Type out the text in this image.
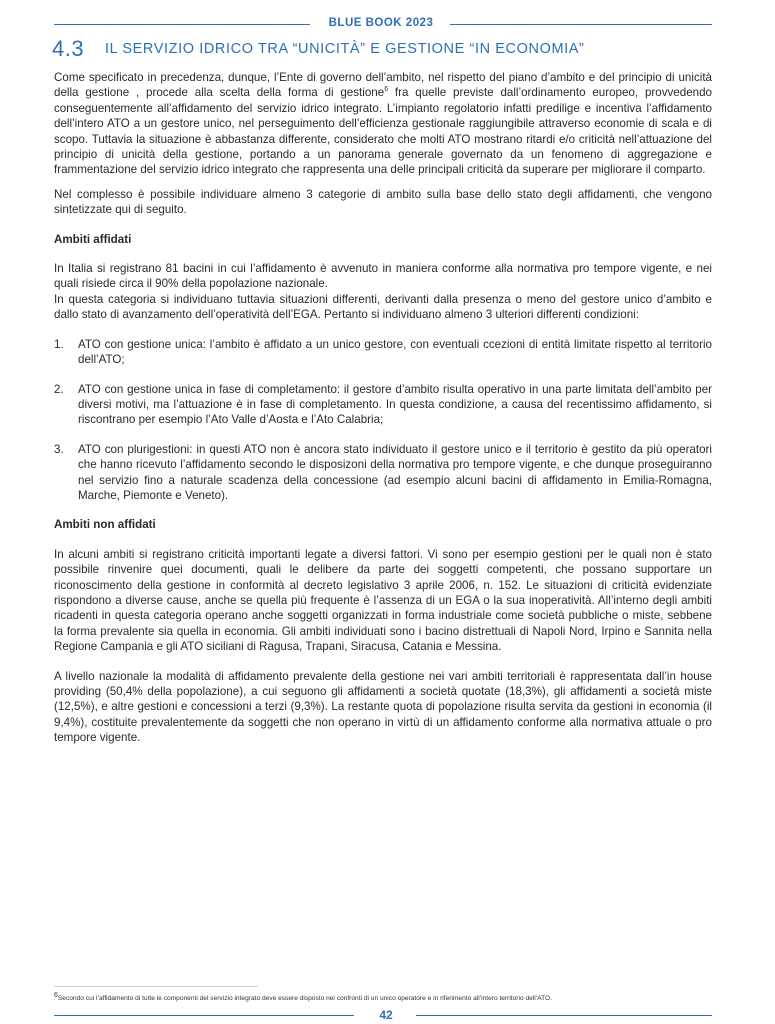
BLUE BOOK 2023
4.3 IL SERVIZIO IDRICO TRA “UNICITÀ” E GESTIONE “IN ECONOMIA”

Come specificato in precedenza, dunque, l’Ente di governo dell’ambito, nel rispetto del piano d’ambito e del principio di unicità della gestione , procede alla scelta della forma di gestione$^6$ fra quelle previste dall’ordinamento europeo, provvedendo conseguentemente all’affidamento del servizio idrico integrato. L’impianto regolatorio infatti predilige e incentiva l’affidamento dell’intero ATO a un gestore unico, nel perseguimento dell’efficienza gestionale raggiungibile attraverso economie di scala e di scopo. Tuttavia la situazione è abbastanza differente, considerato che molti ATO mostrano ritardi e/o criticità nell’attuazione del principio di unicità della gestione, portando a un panorama generale governato da un fenomeno di aggregazione e frammentazione del servizio idrico integrato che rappresenta una delle principali criticità da superare per migliorare il comparto.

Nel complesso è possibile individuare almeno 3 categorie di ambito sulla base dello stato degli affidamenti, che vengono sintetizzate qui di seguito.

Ambiti affidati

In Italia si registrano 81 bacini in cui l’affidamento è avvenuto in maniera conforme alla normativa pro tempore vigente, e nei quali risiede circa il 90% della popolazione nazionale.

In questa categoria si individuano tuttavia situazioni differenti, derivanti dalla presenza o meno del gestore unico d’ambito e dallo stato di avanzamento dell’operatività dell’EGA. Pertanto si individuano almeno 3 ulteriori differenti condizioni:

1.	ATO con gestione unica: l’ambito è affidato a un unico gestore, con eventuali ccezioni di entità limitate rispetto al territorio dell’ATO;
2.	ATO con gestione unica in fase di completamento: il gestore d’ambito risulta operativo in una parte limitata dell’ambito per diversi motivi, ma l’attuazione è in fase di completamento. In questa condizione, a causa del recentissimo affidamento, si riscontrano per esempio l’Ato Valle d’Aosta e l’Ato Calabria;
3.	ATO con plurigestioni: in questi ATO non è ancora stato individuato il gestore unico e il territorio è gestito da più operatori che hanno ricevuto l’affidamento secondo le disposizoni della normativa pro tempore vigente, e che dunque proseguiranno nel servizio fino a naturale scadenza della concessione (ad esempio alcuni bacini di affidamento in Emilia-Romagna, Marche, Piemonte e Veneto).

Ambiti non affidati

In alcuni ambiti si registrano criticità importanti legate a diversi fattori. Vi sono per esempio gestioni per le quali non è stato possibile rinvenire quei documenti, quali le delibere da parte dei soggetti competenti, che possano supportare un riconoscimento della gestione in conformità al decreto legislativo 3 aprile 2006, n. 152. Le situazioni di criticità evidenziate rispondono a diverse cause, anche se quella più frequente è l’assenza di un EGA o la sua inoperatività. All’interno degli ambiti ricadenti in questa categoria operano anche soggetti organizzati in forma industriale come società pubbliche o miste, sebbene la forma prevalente sia quella in economia. Gli ambiti individuati sono i bacino distrettuali di Napoli Nord, Irpino e Sannita nella Regione Campania e gli ATO siciliani di Ragusa, Trapani, Siracusa, Catania e Messina.

A livello nazionale la modalità di affidamento prevalente della gestione nei vari ambiti territoriali è rappresentata dall’in house providing (50,4% della popolazione), a cui seguono gli affidamenti a società quotate (18,3%), gli affidamenti a società miste (12,5%), e altre gestioni e concessioni a terzi (9,3%). La restante quota di popolazione risulta servita da gestioni in economia (il 9,4%), costituite prevalentemente da soggetti che non operano in virtù di un affidamento conforme alla normativa attuale o pro tempore vigente.

$^6$Secondo cui l’affidamento di tutte le componenti del servizio integrato deve essere disposto nei confronti di un unico operatore e in riferimento all’intero territorio dell’ATO.
42
